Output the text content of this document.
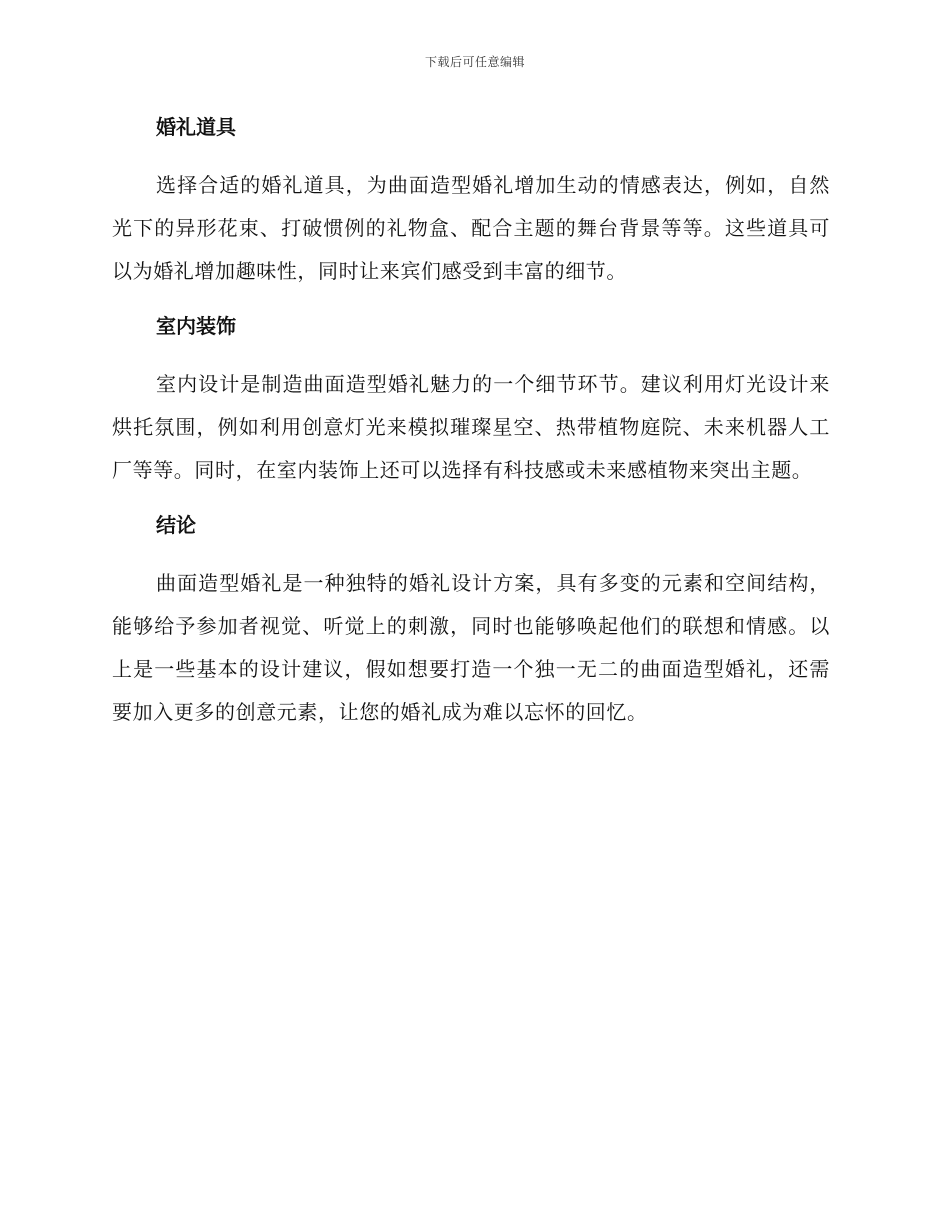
下载后可任意编辑
婚礼道具

选择合适的婚礼道具，为曲面造型婚礼增加生动的情感表达，例如，自然光下的异形花束、打破惯例的礼物盒、配合主题的舞台背景等等。这些道具可以为婚礼增加趣味性，同时让来宾们感受到丰富的细节。

室内装饰

室内设计是制造曲面造型婚礼魅力的一个细节环节。建议利用灯光设计来烘托氛围，例如利用创意灯光来模拟璀璨星空、热带植物庭院、未来机器人工厂等等。同时，在室内装饰上还可以选择有科技感或未来感植物来突出主题。

结论

曲面造型婚礼是一种独特的婚礼设计方案，具有多变的元素和空间结构，能够给予参加者视觉、听觉上的刺激，同时也能够唤起他们的联想和情感。以上是一些基本的设计建议，假如想要打造一个独一无二的曲面造型婚礼，还需要加入更多的创意元素，让您的婚礼成为难以忘怀的回忆。
